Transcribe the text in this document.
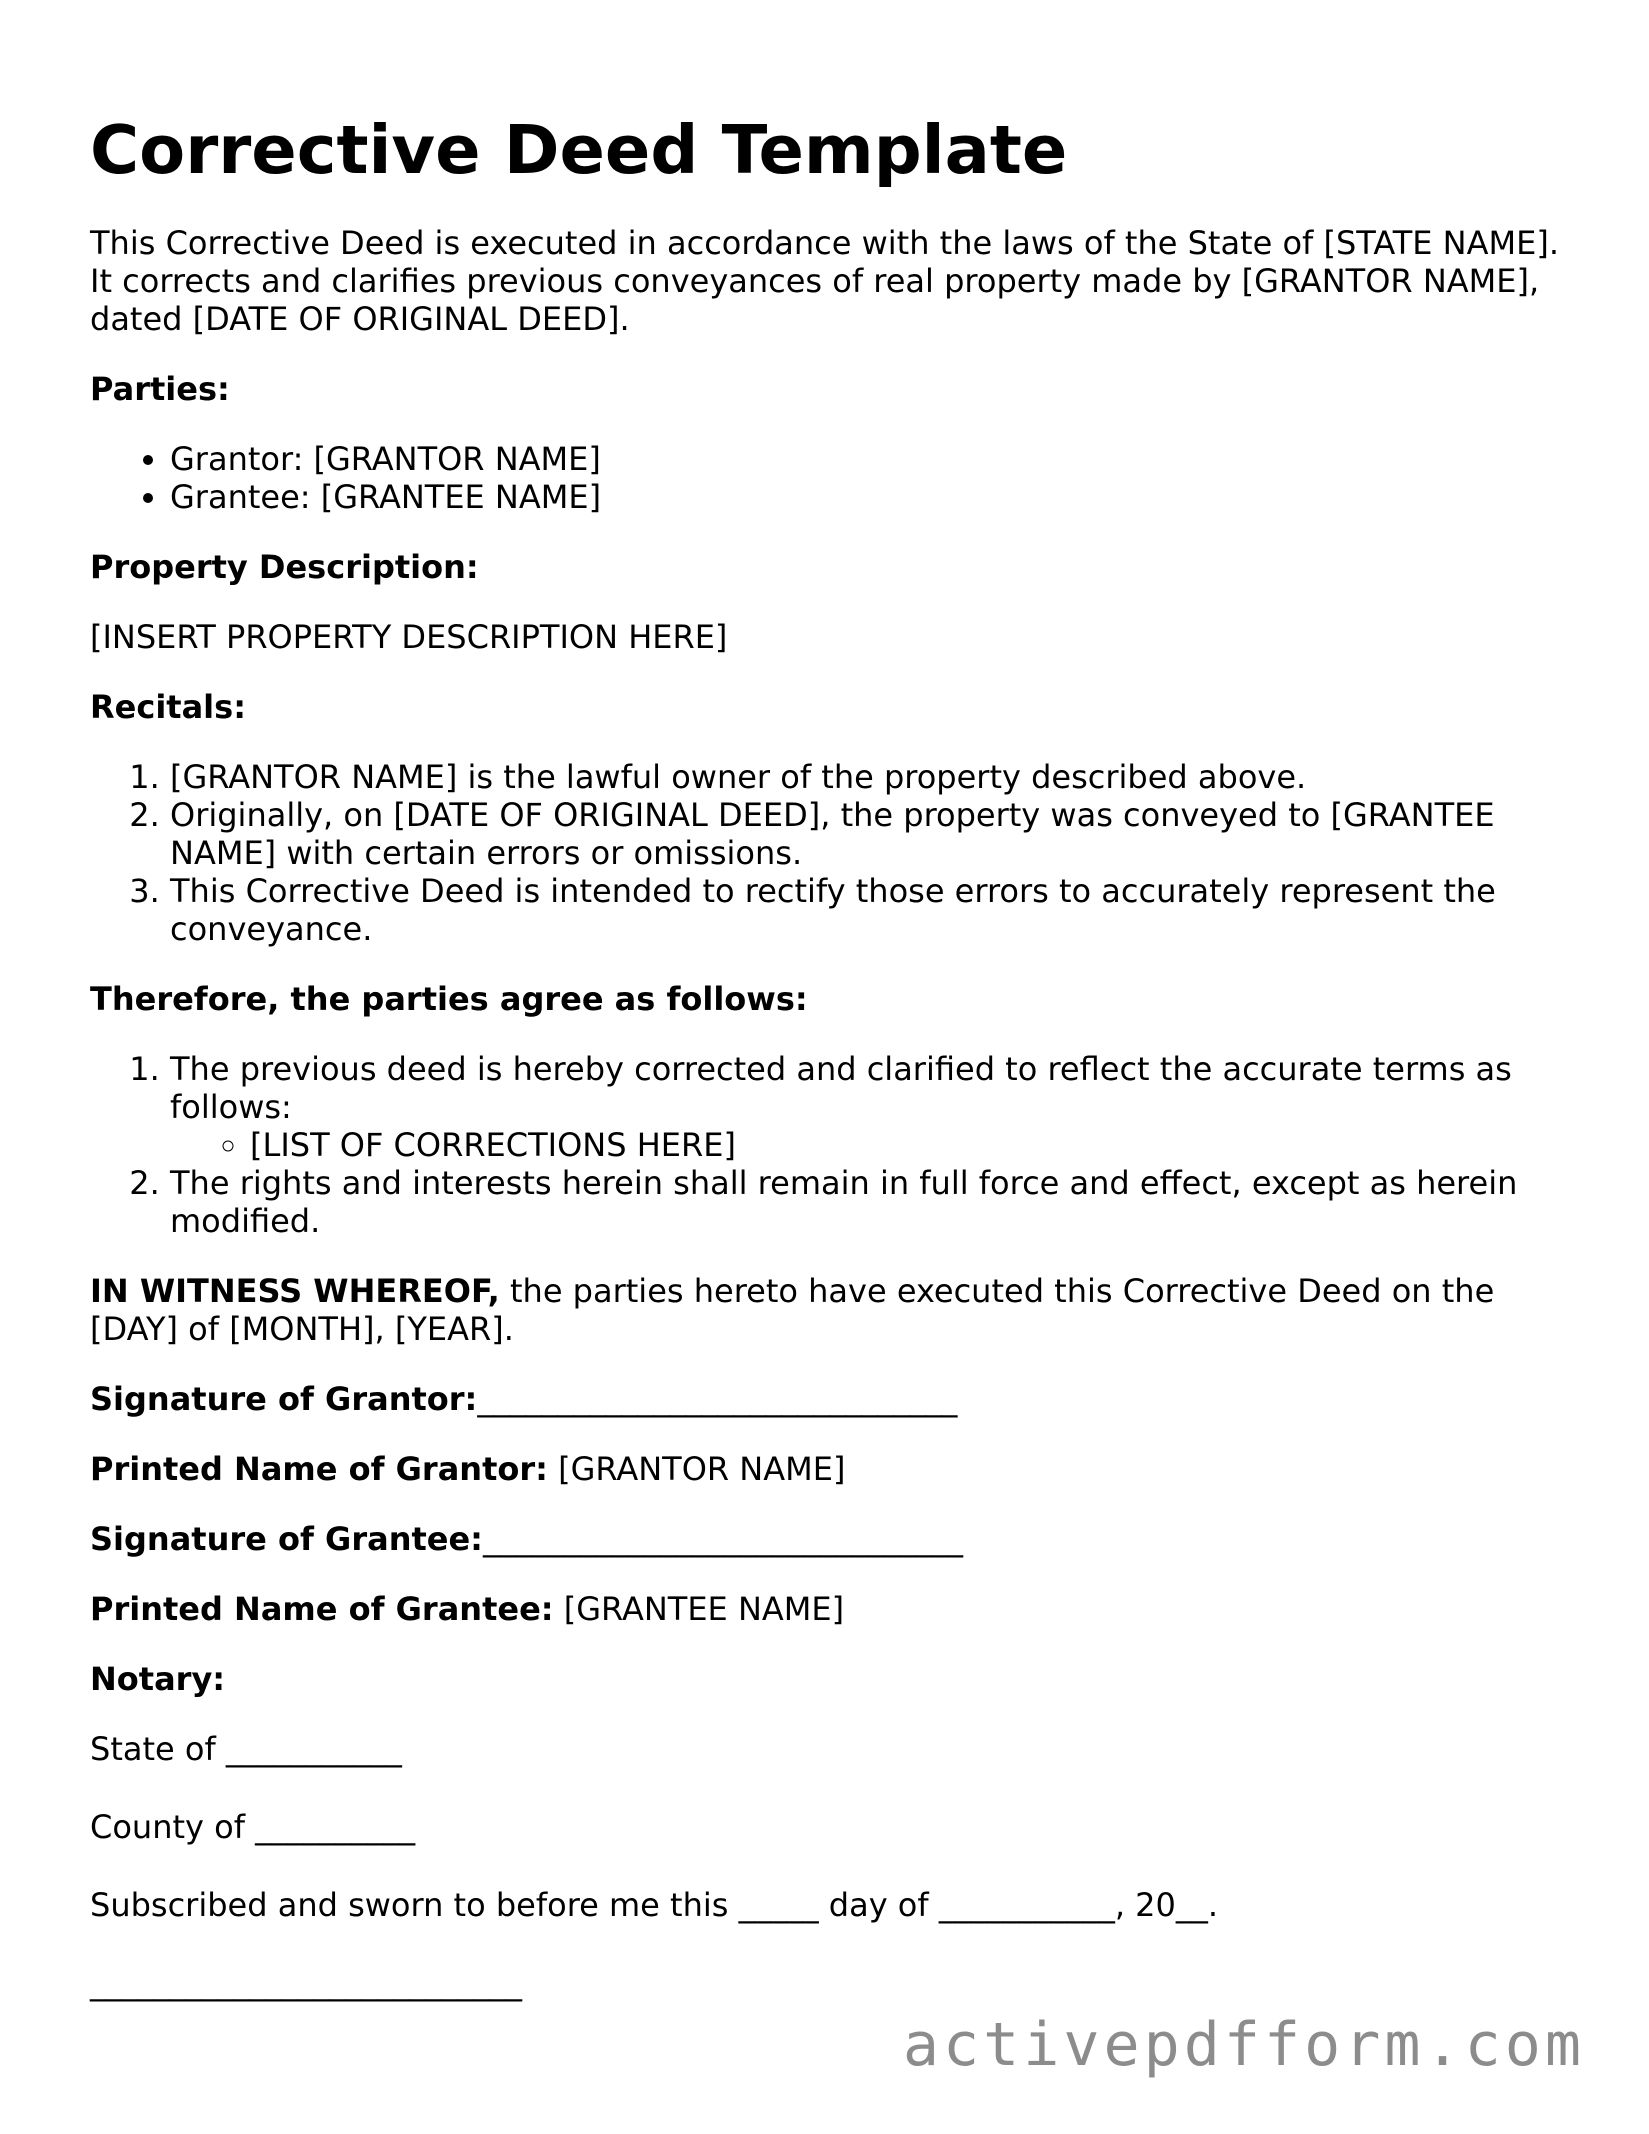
Corrective Deed Template

This Corrective Deed is executed in accordance with the laws of the State of [STATE NAME]. It corrects and clarifies previous conveyances of real property made by [GRANTOR NAME], dated [DATE OF ORIGINAL DEED].

Parties:

• Grantor: [GRANTOR NAME]
• Grantee: [GRANTEE NAME]

Property Description:

[INSERT PROPERTY DESCRIPTION HERE]

Recitals:

1. [GRANTOR NAME] is the lawful owner of the property described above.
2. Originally, on [DATE OF ORIGINAL DEED], the property was conveyed to [GRANTEE NAME] with certain errors or omissions.
3. This Corrective Deed is intended to rectify those errors to accurately represent the conveyance.

Therefore, the parties agree as follows:

1. The previous deed is hereby corrected and clarified to reflect the accurate terms as follows:
◦ [LIST OF CORRECTIONS HERE]
2. The rights and interests herein shall remain in full force and effect, except as herein modified.

IN WITNESS WHEREOF, the parties hereto have executed this Corrective Deed on the [DAY] of [MONTH], [YEAR].

Signature of Grantor:______________________________

Printed Name of Grantor: [GRANTOR NAME]

Signature of Grantee:______________________________

Printed Name of Grantee: [GRANTEE NAME]

Notary:

State of ___________

County of __________

Subscribed and sworn to before me this _____ day of ___________, 20__.

___________________________

activepdfform.com
